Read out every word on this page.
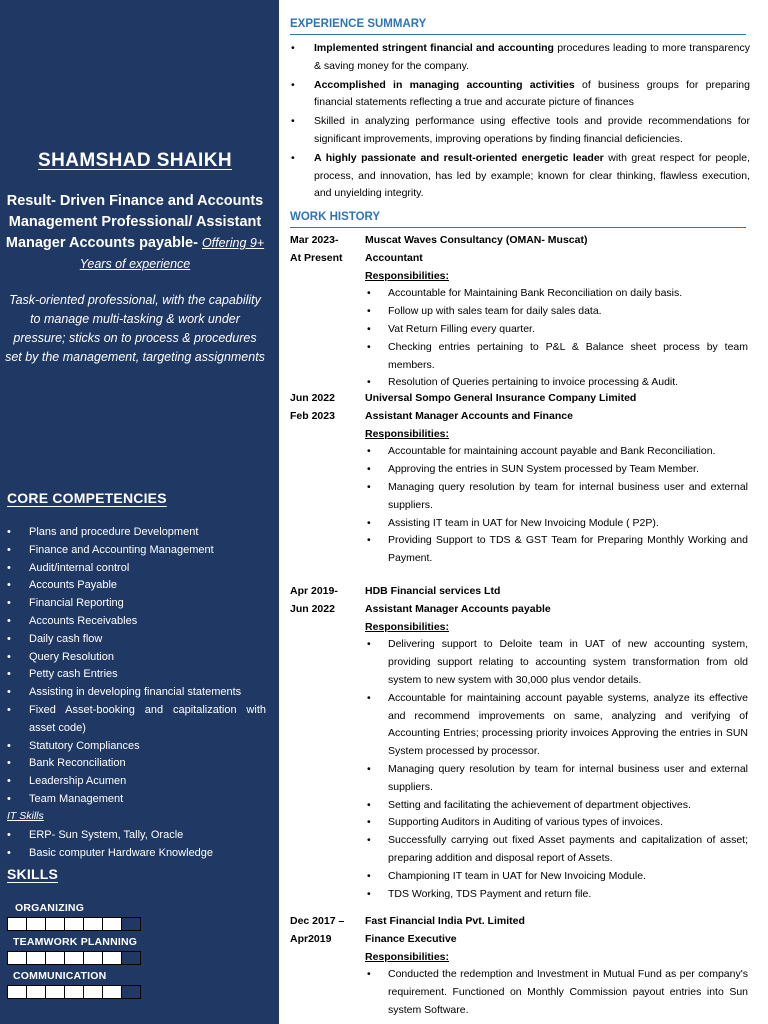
SHAMSHAD SHAIKH
Result- Driven Finance and Accounts Management Professional/ Assistant Manager Accounts payable- Offering 9+ Years of experience
Task-oriented professional, with the capability to manage multi-tasking & work under pressure; sticks on to process & procedures set by the management, targeting assignments
CORE COMPETENCIES
• Plans and procedure Development
• Finance and Accounting Management
• Audit/internal control
• Accounts Payable
• Financial Reporting
• Accounts Receivables
• Daily cash flow
• Query Resolution
• Petty cash Entries
• Assisting in developing financial statements
• Fixed Asset-booking and capitalization with asset code)
• Statutory Compliances
• Bank Reconciliation
• Leadership Acumen
• Team Management
IT Skills
• ERP- Sun System, Tally, Oracle
• Basic computer Hardware Knowledge
SKILLS
ORGANIZING
TEAMWORK PLANNING
COMMUNICATION
EXPERIENCE SUMMARY
• Implemented stringent financial and accounting procedures leading to more transparency & saving money for the company.
• Accomplished in managing accounting activities of business groups for preparing financial statements reflecting a true and accurate picture of finances
• Skilled in analyzing performance using effective tools and provide recommendations for significant improvements, improving operations by finding financial deficiencies.
• A highly passionate and result-oriented energetic leader with great respect for people, process, and innovation, has led by example; known for clear thinking, flawless execution, and unyielding integrity.
WORK HISTORY
Mar 2023-
At Present
Muscat Waves Consultancy (OMAN- Muscat)
Accountant
Responsibilities:
• Accountable for Maintaining Bank Reconciliation on daily basis.
• Follow up with sales team for daily sales data.
• Vat Return Filling every quarter.
• Checking entries pertaining to P&L & Balance sheet process by team members.
• Resolution of Queries pertaining to invoice processing & Audit.
Jun 2022
Feb 2023
Universal Sompo General Insurance Company Limited
Assistant Manager Accounts and Finance
Responsibilities:
• Accountable for maintaining account payable and Bank Reconciliation.
• Approving the entries in SUN System processed by Team Member.
• Managing query resolution by team for internal business user and external suppliers.
• Assisting IT team in UAT for New Invoicing Module ( P2P).
• Providing Support to TDS & GST Team for Preparing Monthly Working and Payment.
Apr 2019-
Jun 2022
HDB Financial services Ltd
Assistant Manager Accounts payable
Responsibilities:
• Delivering support to Deloite team in UAT of new accounting system, providing support relating to accounting system transformation from old system to new system with 30,000 plus vendor details.
• Accountable for maintaining account payable systems, analyze its effective and recommend improvements on same, analyzing and verifying of Accounting Entries; processing priority invoices Approving the entries in SUN System processed by processor.
• Managing query resolution by team for internal business user and external suppliers.
• Setting and facilitating the achievement of department objectives.
• Supporting Auditors in Auditing of various types of invoices.
• Successfully carrying out fixed Asset payments and capitalization of asset; preparing addition and disposal report of Assets.
• Championing IT team in UAT for New Invoicing Module.
• TDS Working, TDS Payment and return file.
Dec 2017 –
Apr2019
Fast Financial India Pvt. Limited
Finance Executive
Responsibilities:
• Conducted the redemption and Investment in Mutual Fund as per company's requirement. Functioned on Monthly Commission payout entries into Sun system Software.
